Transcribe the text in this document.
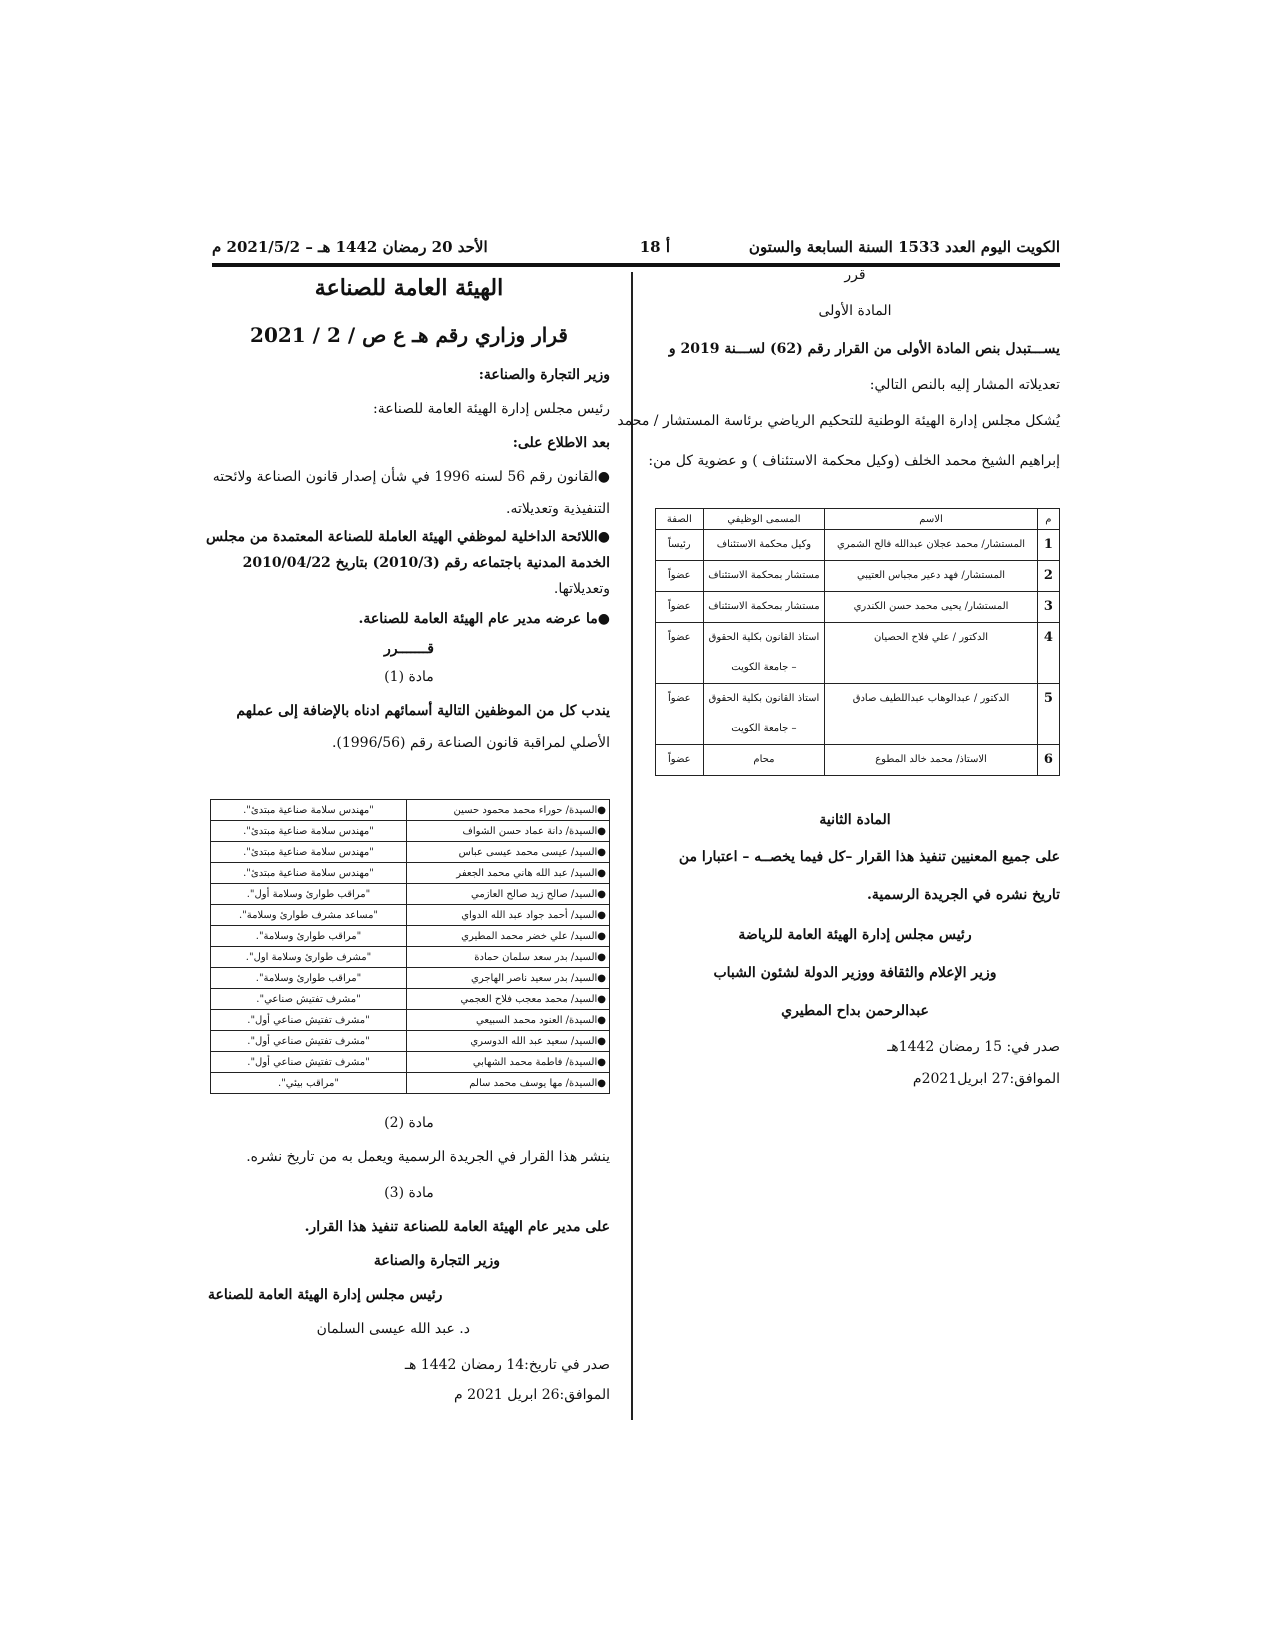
الكويت اليوم العدد 1533 السنة السابعة والستون
أ 18
الأحد 20 رمضان 1442 هـ – 2021/5/2 م
قرر
المادة الأولى
يســـتبدل بنص المادة الأولى من القرار رقم (62) لســـنة 2019 و
تعديلاته المشار إليه بالنص التالي:
يُشكل مجلس إدارة الهيئة الوطنية للتحكيم الرياضي برئاسة المستشار / محمد
إبراهيم الشيخ محمد الخلف (وكيل محكمة الاستئناف ) و عضوية كل من:
م	الاسم	المسمى الوظيفي	الصفة
1	المستشار/ محمد عجلان عبدالله فالح الشمري	وكيل محكمة الاستئناف	رئيساً
2	المستشار/ فهد دعير مجباس العتيبي	مستشار بمحكمة الاستئناف	عضواً
3	المستشار/ يحيى محمد حسن الكندري	مستشار بمحكمة الاستئناف	عضواً
4	الدكتور / علي فلاح الحصيان	استاذ القانون بكلية الحقوق – جامعة الكويت	عضواً
5	الدكتور / عبدالوهاب عبداللطيف صادق	استاذ القانون بكلية الحقوق – جامعة الكويت	عضواً
6	الاستاذ/ محمد خالد المطوع	محام	عضواً
المادة الثانية
على جميع المعنيين تنفيذ هذا القرار –كل فيما يخصــه – اعتبارا من
تاريخ نشره في الجريدة الرسمية.
رئيس مجلس إدارة الهيئة العامة للرياضة
وزير الإعلام والثقافة ووزير الدولة لشئون الشباب
عبدالرحمن بداح المطيري
صدر في: 15 رمضان 1442هـ
الموافق:27 ابريل2021م
الهيئة العامة للصناعة
قرار وزاري رقم هـ ع ص / 2 / 2021
وزير التجارة والصناعة:
رئيس مجلس إدارة الهيئة العامة للصناعة:
بعد الاطلاع على:
●القانون رقم 56 لسنه 1996 في شأن إصدار قانون الصناعة ولائحته
التنفيذية وتعديلاته.
●اللائحة الداخلية لموظفي الهيئة العاملة للصناعة المعتمدة من مجلس
الخدمة المدنية باجتماعه رقم (2010/3) بتاريخ 2010/04/22
وتعديلاتها.
●ما عرضه مدير عام الهيئة العامة للصناعة.
قـــــــرر
مادة (1)
يندب كل من الموظفين التالية أسمائهم ادناه بالإضافة إلى عملهم
الأصلي لمراقبة قانون الصناعة رقم (1996/56).
●السيدة/ حوراء محمد محمود حسين	"مهندس سلامة صناعية مبتدئ".
●السيدة/ دانة عماد حسن الشواف	"مهندس سلامة صناعية مبتدئ".
●السيد/ عيسى محمد عيسى عباس	"مهندس سلامة صناعية مبتدئ".
●السيد/ عبد الله هاني محمد الجعفر	"مهندس سلامة صناعية مبتدئ".
●السيد/ صالح زيد صالح العازمي	"مراقب طوارئ وسلامة أول".
●السيد/ أحمد جواد عبد الله الدواي	"مساعد مشرف طوارئ وسلامة".
●السيد/ علي خضر محمد المطيري	"مراقب طوارئ وسلامة".
●السيد/ بدر سعد سلمان حمادة	"مشرف طوارئ وسلامة اول".
●السيد/ بدر سعيد ناصر الهاجري	"مراقب طوارئ وسلامة".
●السيد/ محمد معجب فلاح العجمي	"مشرف تفتيش صناعي".
●السيدة/ العنود محمد السبيعي	"مشرف تفتيش صناعي أول".
●السيد/ سعيد عبد الله الدوسري	"مشرف تفتيش صناعي أول".
●السيدة/ فاطمة محمد الشهابي	"مشرف تفتيش صناعي أول".
●السيدة/ مها يوسف محمد سالم	"مراقب بيئي".
مادة (2)
ينشر هذا القرار في الجريدة الرسمية ويعمل به من تاريخ نشره.
مادة (3)
على مدير عام الهيئة العامة للصناعة تنفيذ هذا القرار.
وزير التجارة والصناعة
رئيس مجلس إدارة الهيئة العامة للصناعة
د. عبد الله عيسى السلمان
صدر في تاريخ:14 رمضان 1442 هـ
الموافق:26 ابريل 2021 م
